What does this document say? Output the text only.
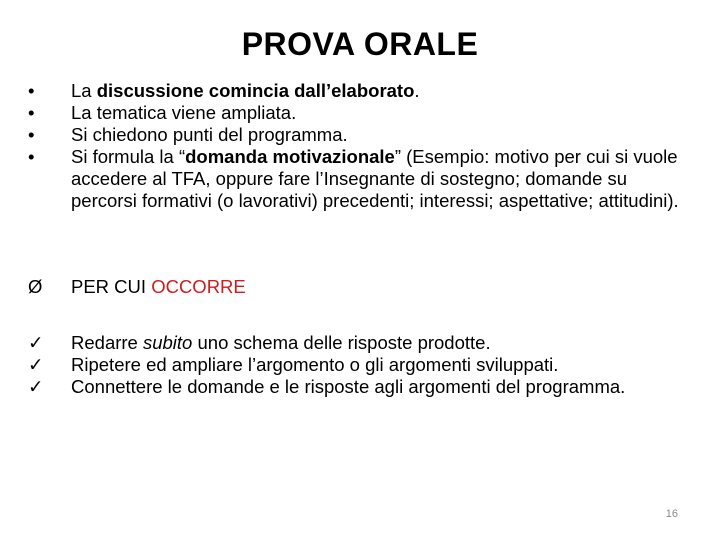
PROVA ORALE
• La discussione comincia dall’elaborato.
• La tematica viene ampliata.
• Si chiedono punti del programma.
• Si formula la “domanda motivazionale” (Esempio: motivo per cui si vuole accedere al TFA, oppure fare l’Insegnante di sostegno; domande su percorsi formativi (o lavorativi) precedenti; interessi; aspettative; attitudini).
Ø PER CUI OCCORRE
✓ Redarre subito uno schema delle risposte prodotte.
✓ Ripetere ed ampliare l’argomento o gli argomenti sviluppati.
✓ Connettere le domande e le risposte agli argomenti del programma.
16
